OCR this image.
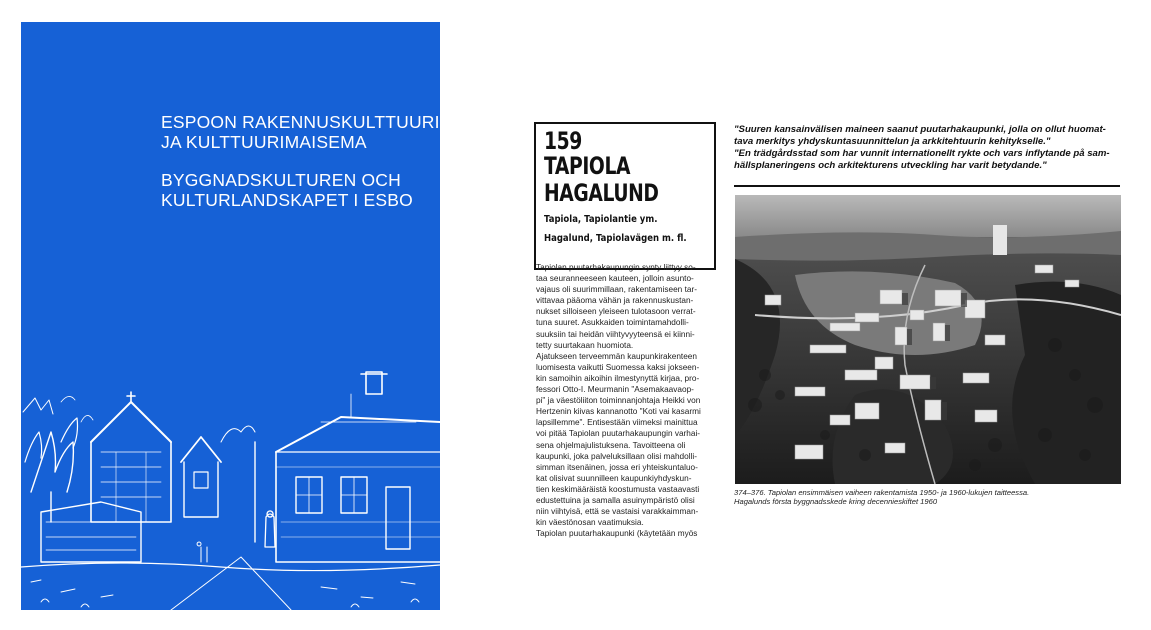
ESPOON RAKENNUSKULTTUURI
JA KULTTUURIMAISEMA
BYGGNADSKULTUREN OCH
KULTURLANDSKAPET I ESBO
159
TAPIOLA
HAGALUND
Tapiola, Tapiolantie ym.
Hagalund, Tapiolavägen m. fl.
Tapiolan puutarhakaupungin synty liittyy so-
taa seuranneeseen kauteen, jolloin asunto-
vajaus oli suurimmillaan, rakentamiseen tar-
vittavaa pääoma vähän ja rakennuskustan-
nukset silloiseen yleiseen tulotasoon verrat-
tuna suuret. Asukkaiden toimintamahdolli-
suuksiin tai heidän viihtyvyyteensä ei kiinni-
tetty suurtakaan huomiota.
Ajatukseen terveemmän kaupunkirakenteen
luomisesta vaikutti Suomessa kaksi jokseen-
kin samoihin aikoihin ilmestynyttä kirjaa, pro-
fessori Otto-I. Meurmanin "Asemakaavaop-
pi" ja väestöliiton toiminnanjohtaja Heikki von
Hertzenin kiivas kannanotto "Koti vai kasarmi
lapsillemme". Entisestään viimeksi mainittua
voi pitää Tapiolan puutarhakaupungin varhai-
sena ohjelmajulistuksena. Tavoitteena oli
kaupunki, joka palveluksillaan olisi mahdolli-
simman itsenäinen, jossa eri yhteiskuntaluo-
kat olisivat suunnilleen kaupunkiyhdyskun-
tien keskimääräistä koostumusta vastaavasti
edustettuina ja samalla asuinympäristö olisi
niin viihtyisä, että se vastaisi varakkaimman-
kin väestönosan vaatimuksia.
Tapiolan puutarhakaupunki (käytetään myös
"Suuren kansainvälisen maineen saanut puutarhakaupunki, jolla on ollut huomat-
tava merkitys yhdyskuntasuunnittelun ja arkkitehtuurin kehitykselle."
"En trädgårdsstad som har vunnit internationellt rykte och vars inflytande på sam-
hällsplaneringens och arkitekturens utveckling har varit betydande."
374–376. Tapiolan ensimmäisen vaiheen rakentamista 1950- ja 1960-lukujen taitteessa.
Hagalunds första byggnadsskede kring decennieskiftet 1960
